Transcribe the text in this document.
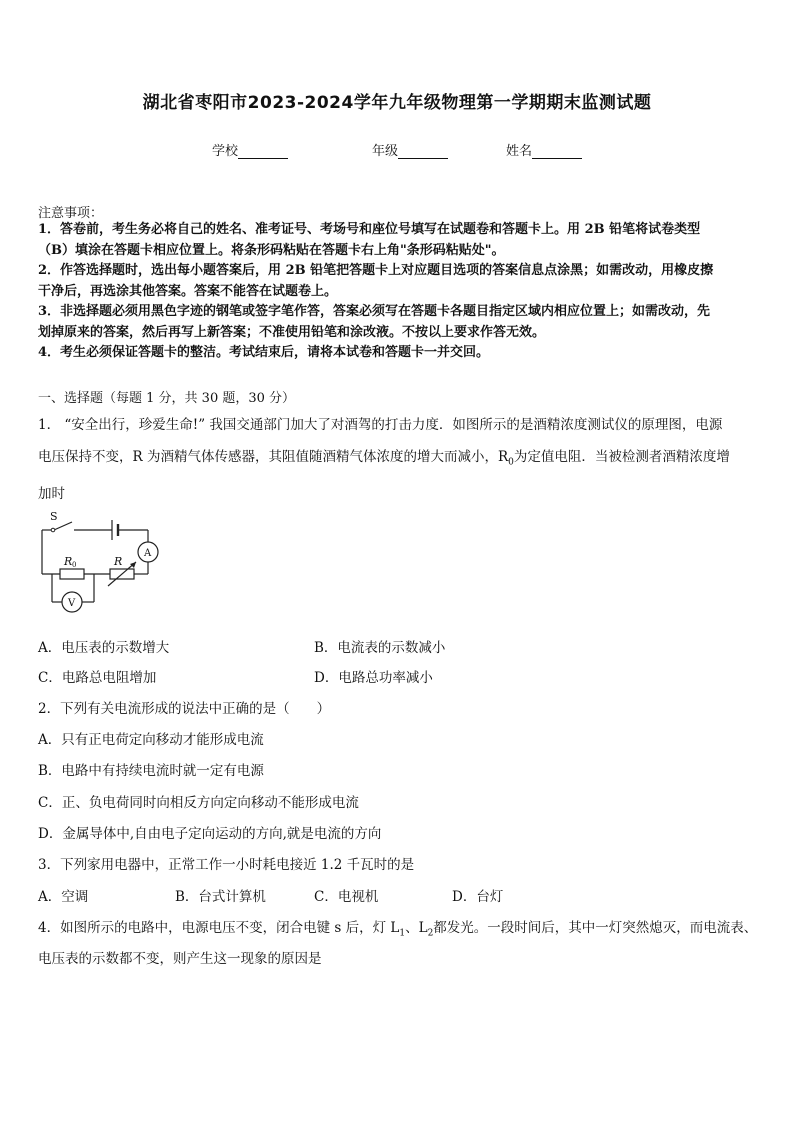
湖北省枣阳市2023-2024学年九年级物理第一学期期末监测试题
学校	年级	姓名
注意事项：

1．答卷前，考生务必将自己的姓名、准考证号、考场号和座位号填写在试题卷和答题卡上。用 2B 铅笔将试卷类型

（B）填涂在答题卡相应位置上。将条形码粘贴在答题卡右上角"条形码粘贴处"。

2．作答选择题时，选出每小题答案后，用 2B 铅笔把答题卡上对应题目选项的答案信息点涂黑；如需改动，用橡皮擦

干净后，再选涂其他答案。答案不能答在试题卷上。

3．非选择题必须用黑色字迹的钢笔或签字笔作答，答案必须写在答题卡各题目指定区域内相应位置上；如需改动，先

划掉原来的答案，然后再写上新答案；不准使用铅笔和涂改液。不按以上要求作答无效。

4．考生必须保证答题卡的整洁。考试结束后，请将本试卷和答题卡一并交回。

一、选择题（每题 1 分，共 30 题，30 分）
1． “安全出行，珍爱生命!” 我国交通部门加大了对酒驾的打击力度．如图所示的是酒精浓度测试仪的原理图，电源
电压保持不变，R 为酒精气体传感器，其阻值随酒精气体浓度的增大而减小，$R_0$为定值电阻．当被检测者酒精浓度增
加时
S
A
V
R 0	R
A．电压表的示数增大	B．电流表的示数减小
C．电路总电阻增加	D．电路总功率减小
2．下列有关电流形成的说法中正确的是（　　）
A．只有正电荷定向移动才能形成电流
B．电路中有持续电流时就一定有电源
C．正、负电荷同时向相反方向定向移动不能形成电流
D．金属导体中,自由电子定向运动的方向,就是电流的方向
3．下列家用电器中，正常工作一小时耗电接近 1.2 千瓦时的是
A．空调	B．台式计算机	C．电视机	D．台灯
4．如图所示的电路中，电源电压不变，闭合电键 s 后，灯 $L_1$、$L_2$都发光。一段时间后，其中一灯突然熄灭，而电流表、
电压表的示数都不变，则产生这一现象的原因是
